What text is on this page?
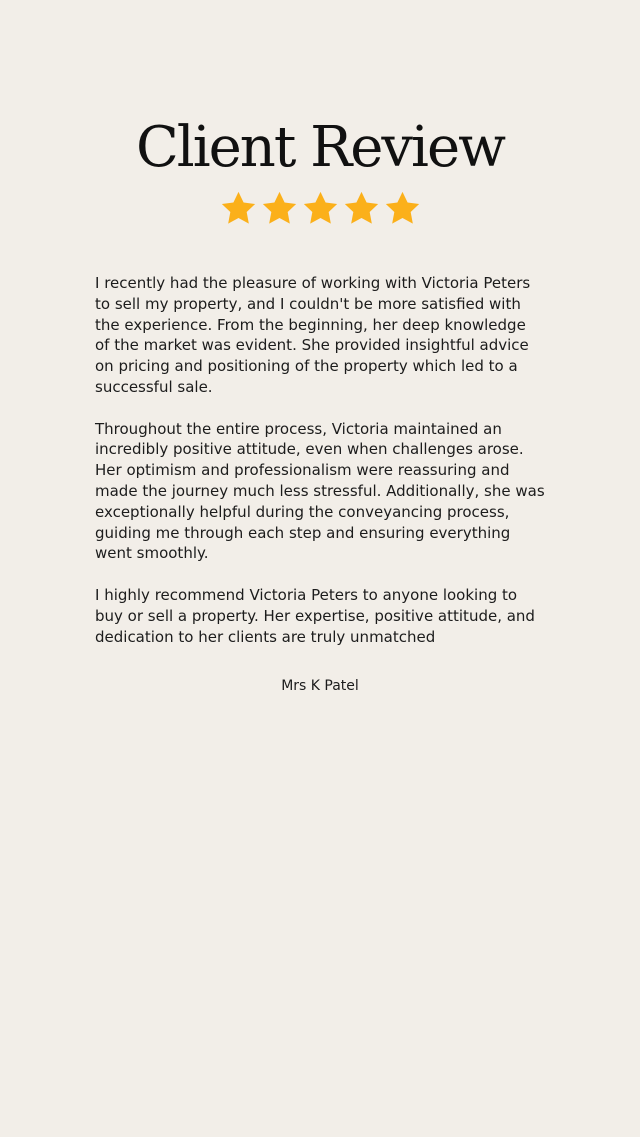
Client Review

I recently had the pleasure of working with Victoria Peters
to sell my property, and I couldn't be more satisfied with
the experience. From the beginning, her deep knowledge
of the market was evident. She provided insightful advice
on pricing and positioning of the property which led to a
successful sale.

Throughout the entire process, Victoria maintained an
incredibly positive attitude, even when challenges arose.
Her optimism and professionalism were reassuring and
made the journey much less stressful. Additionally, she was
exceptionally helpful during the conveyancing process,
guiding me through each step and ensuring everything
went smoothly.

I highly recommend Victoria Peters to anyone looking to
buy or sell a property. Her expertise, positive attitude, and
dedication to her clients are truly unmatched

Mrs K Patel
